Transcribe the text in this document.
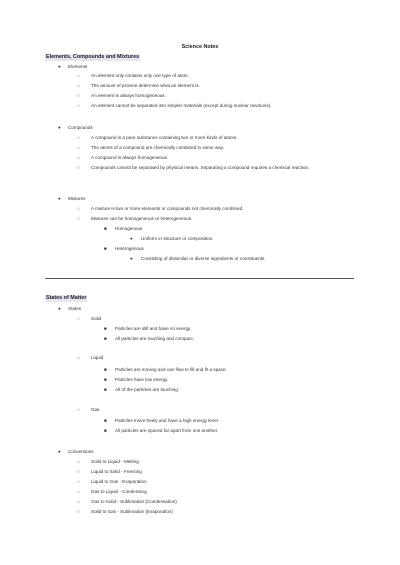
Science Notes
Elements, Compounds and Mixtures
● Elements
○ An element only contains only one type of atom.
○ The amount of protons determine what an element is.
○ An element is always homogeneous.
○ An element cannot be separated into simpler materials (except during nuclear reactions).
● Compounds
○ A compound is a pure substance containing two or more kinds of atoms.
○ The atoms of a compound are chemically combined in some way.
○ A compound is always homogeneous.
○ Compounds cannot be separated by physical means. Separating a compound requires a chemical reaction.
● Mixtures
○ A mixture is two or more elements or compounds not chemically combined.
○ Mixtures can be homogeneous or heterogeneous.
■ Homogenous
● Uniform in structure or composition.
■ Heterogenous
● Consisting of dissimilar or diverse ingredients or constituents.
States of Matter
● States
○ Solid
■ Particles are still and have no energy.
■ All particles are touching and compact.
○ Liquid
■ Particles are moving and can flow to fill and fit a space.
■ Particles have low energy.
■ All of the particles are touching.
○ Gas
■ Particles move freely and have a high energy level.
■ All particles are spaced far apart from one another.
● Conversions
○ Solid to Liquid - Melting
○ Liquid to Solid - Freezing
○ Liquid to Gas - Evaporation
○ Gas to Liquid - Condensing
○ Gas to Solid - Sublimation (Condensation)
○ Solid to Gas - Sublimation (Evaporation)
